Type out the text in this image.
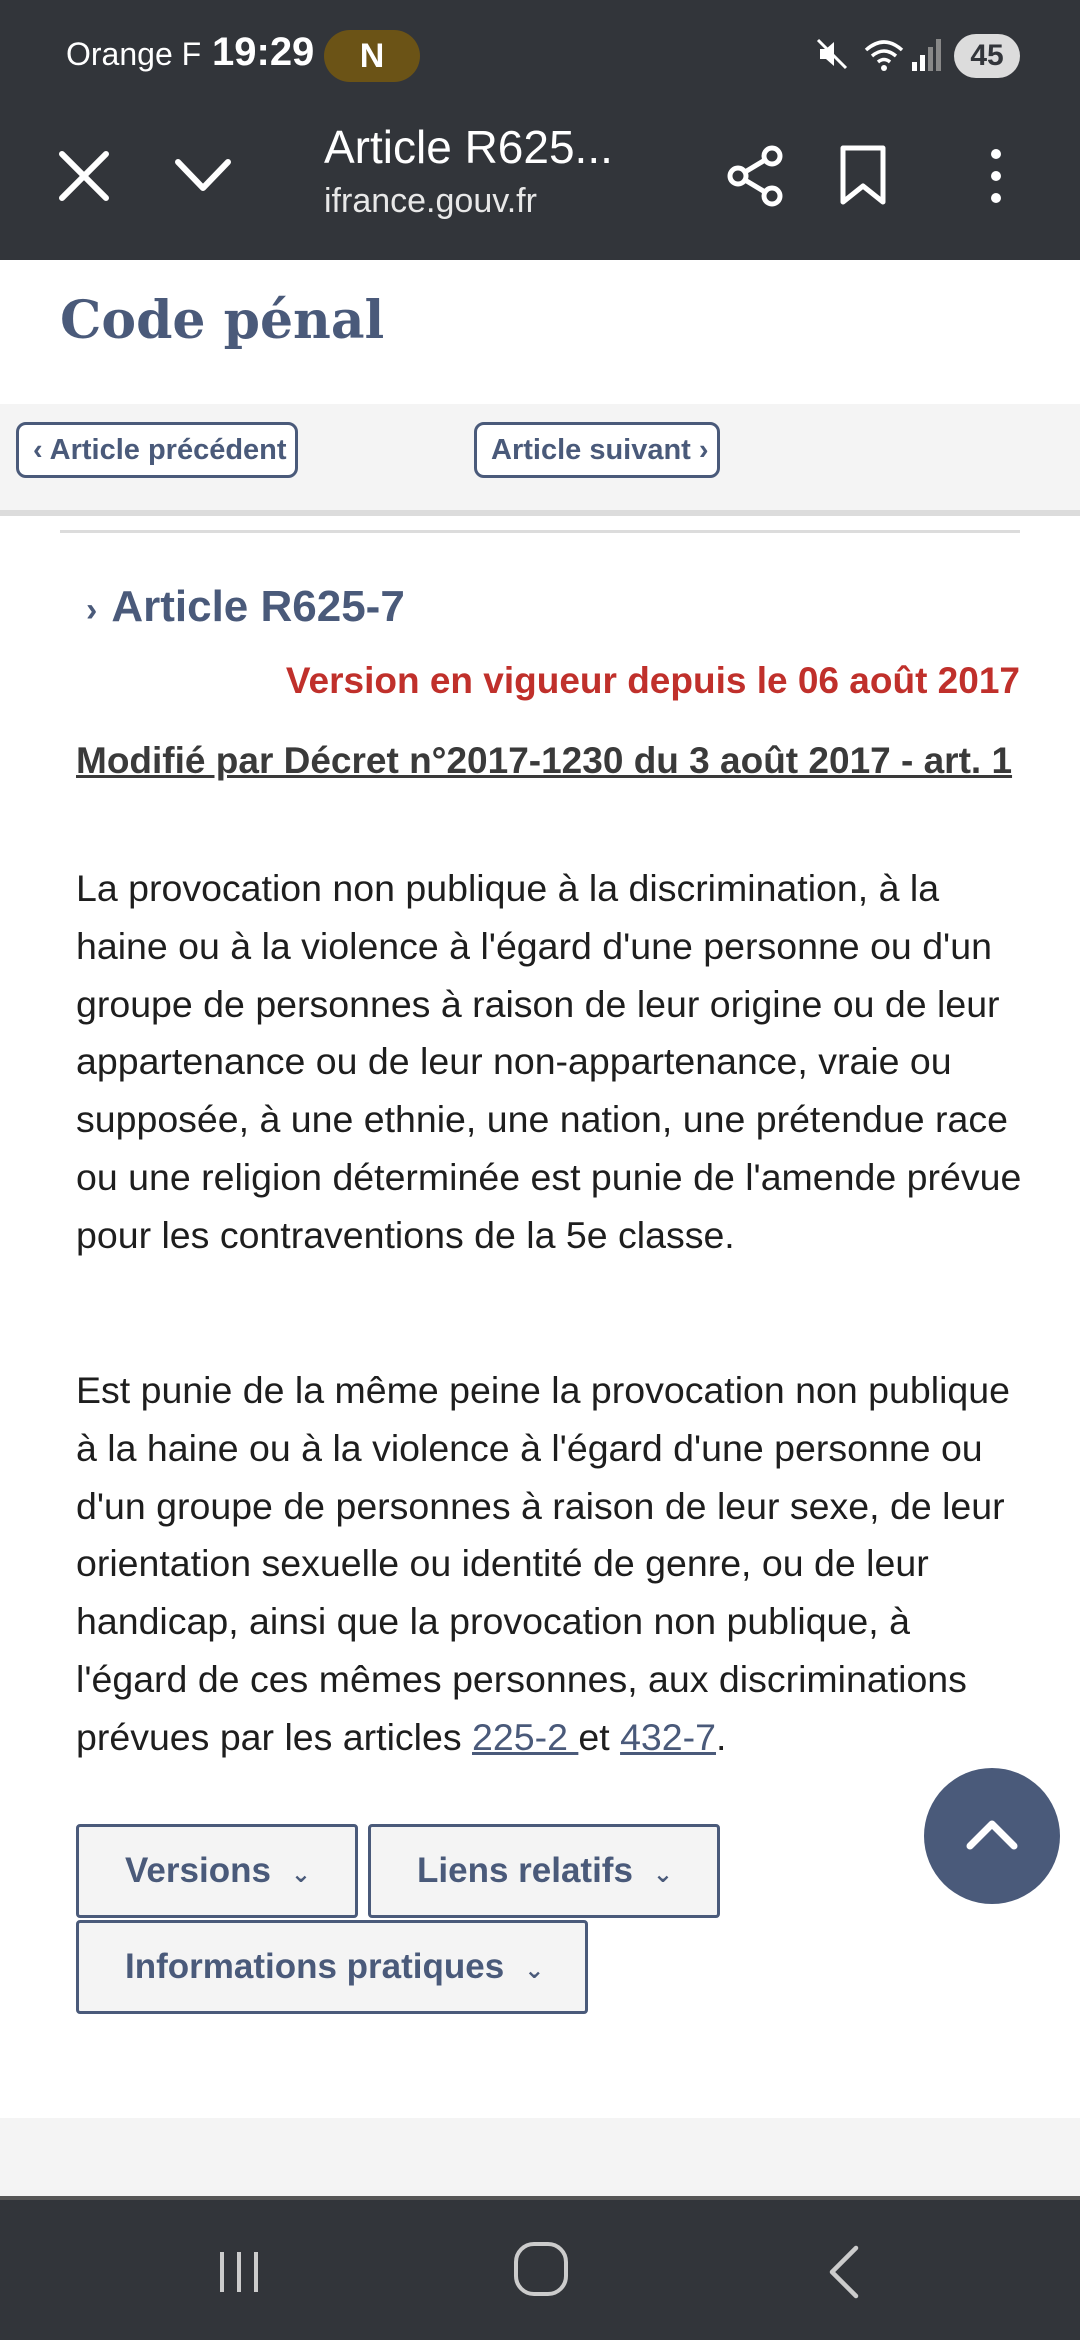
Orange F 19:29	N	45
Article R625...
ifrance.gouv.fr
Code pénal
‹ Article précédent	Article suivant ›
› Article R625-7
Version en vigueur depuis le 06 août 2017
Modifié par Décret n°2017-1230 du 3 août 2017 - art. 1

La provocation non publique à la discrimination, à la haine ou à la violence à l'égard d'une personne ou d'un groupe de personnes à raison de leur origine ou de leur appartenance ou de leur non-appartenance, vraie ou supposée, à une ethnie, une nation, une prétendue race ou une religion déterminée est punie de l'amende prévue pour les contraventions de la 5e classe.

Est punie de la même peine la provocation non publique à la haine ou à la violence à l'égard d'une personne ou d'un groupe de personnes à raison de leur sexe, de leur orientation sexuelle ou identité de genre, ou de leur handicap, ainsi que la provocation non publique, à l'égard de ces mêmes personnes, aux discriminations prévues par les articles 225-2 et 432-7.

Versions ⌄	Liens relatifs ⌄
Informations pratiques ⌄
